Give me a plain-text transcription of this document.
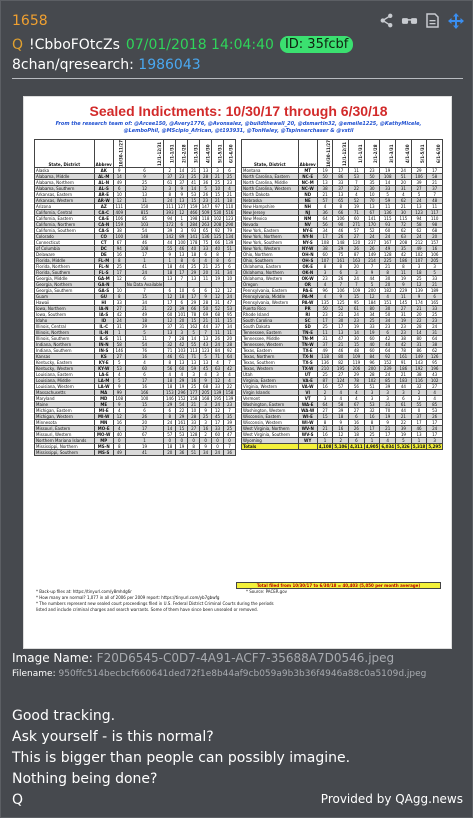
1658
Q !CbboFOtcZs 07/01/2018 14:04:40 ID: 35fcbf
8chan/qresearch: 1986043
Sealed Indictments: 10/30/17 through 6/30/18
From the research team of: @Arcee150, @Avery1776, @Avonsalez, @buildthewall_20, @dsmartin32, @emeile1225, @KathyMicele, @LemboPhil, @MScipio_African, @t193931, @TonHaley, @Tspinnerchaser & @vstil
State, District	Abbrev	10/30-11/27	12/1-12/31	1/1-1/31	2/1-2/28	3/1-3/31	4/1-4/30	5/1-5/31	6/1-6/30
Alaska	AK	9	6	2	14	21	13	3	6
Alabama, Middle	AL-M	14	9	37	23	25	28	21	25
Alabama, Northern	AL-N	49	25	61	37	41	36	25	23
Alabama, Southern	AL-S	6	12	3	9	14	5	10	4
Arkansas, Eastern	AR-E	10	13	8	9	53	26	15	21
Arkansas, Western	AR-W	12	11	24	13	15	23	21	18
Arizona	AZ	111	150	111	127	159	147	97	110
California, Central	CA-C	409	815	393	12	466	509	530	516
California, Eastern	CA-E	106	85	94	1	198	118	102	123
California, Northern	CA-N	159	103	172	6	284	263	208	290
California, Southern	CA-S	38	54	39	3	93	65	92	79
Colorado	CO	100	148	142	89	141	136	125	134
Connecticut	CT	67	46	44	100	178	75	66	139
of Columbia	DC	94	108	55	46	40	33	40	51
Delaware	DE	16	17	9	13	18	6	8	7
Florida, Middle	FL-M	8	1	1	8	6	4	8	6
Florida, Northern	FL-N	25	41	18	44	25	21	25	6
Florida, Southern	FL-S	17	24	18	17	29	20	31	34
Georgia, Middle	GA-M	12	6	13	7	13	11	19	10
Georgia, Northern	GA-N		No Data Available						
Georgia, Southern	GA-S	10	7	6	10	6	6	12	12
Guam	GU	8	15	12	18	17	9	12	24
Hawaii	HI	33	34	17	6	29	28	31	47
Iowa, Northern	IA-N	27	21	22	39	66	50	52	53
Iowa, Southern	IA-S	42	49	60	101	78	69	68	95
Idaho	ID	24	18	12	20	15	21	11	15
Illinois, Central	IL-C	31	29	37	31	162	44	37	34
Illinois, Northern	IL-N	1	5	13	3	5	7	11	11
Illinois, Southern	IL-S	11	11	7	28	14	13	26	20
Indiana, Northern	IN-N	58	54	32	42	55	43	24	28
Indiana, Southern	IN-S	146	76	71	103	113	123	84	92
Kansas	KS	27	16	46	61	71	5	71	64
Kentucky, Eastern	KY-E	5	4	8	13	13	13	4	7
Kentucky, Western	KY-W	53	60	56	60	59	45	63	42
Louisiana, Eastern	LA-E	4	6	4	4	3	4	3	4
Louisiana, Middle	LA-M	5	17	18	29	16	9	12	4
Louisiana, Western	LA-W	9	16	18	19	25	68	33	22
Massachusetts	MA	99	166	153	296	177	205	139	158
Maryland	MD	108	100	146	152	158	168	195	139
Maine	ME	9	15	29	54	21	3	24	23
Michigan, Eastern	MI-E	4	6	6	22	10	9	12	7
Michigan, Western	MI-W	12	26	8	29	28	25	45	35
Minnesota	MN	16	20	24	161	33	3	17	39
Missouri, Eastern	MO-E	4	17	14	15	27	16	33	25
Missouri, Western	MO-W	40	67	57	53	128	2	60	47
Northern Mariana Islands	MP	0	1	0	0	0	0	0	0
Mississippi, Northern	MS-N	8	19	18	19	8	9	0	7
Mississippi, Southern	MS-S	49	41	20	36	51	34	24	36
State, District	Abbrev	10/30-11/27	12/1-12/31	1/1-1/31	2/1-2/28	3/1-3/31	4/1-4/30	5/1-5/31	6/1-6/30
Montana	MT	19	17	11	23	19	24	29	17
North Carolina, Eastern	NC-E	50	86	53	50	108	51	106	58
North Carolina, Middle	NC-M	13	33	7	35	14	20	39	21
North Carolina, Western	NC-W	38	37	22	30	33	31	27	37
North Dakota	ND	21	13	4	10	5	4	5	7
Nebraska	NE	57	65	52	70	59	62	24	48
New Hampshire	NH	4	8	19	13	11	21	13	11
New Jersey	NJ	36	66	71	67	136	30	123	117
New Mexico	NM	64	106	60	141	115	115	94	110
Nevada	NV	56	90	271	170	93	72	58	98
New York, Eastern	NY-E	34	46	57	52	60	62	62	68
New York, Northern	NY-N	17	26	27	24	24	63	24	20
New York, Southern	NY-S	108	148	120	237	167	208	212	157
New York, Western	NY-W	38	29	26	26	49	35	49	16
Ohio, Northern	OH-N	60	75	87	149	128	42	102	106
Ohio, Southern	OH-S	107	161	163	214	225	186	107	205
Oklahoma, Eastern	OK-E	8	8	20	7	21	8	3	3
Oklahoma, Northern	OK-N	3	6	3	9	8	11	18	5
Oklahoma, Western	OK-W	23	26	24	44	30	19	25	33
Oregon	OR	4	7	7	5	20	9	12	21
Pennsylvania, Eastern	PA-E	96	106	109	200	182	229	139	189
Pennsylvania, Middle	PA-M	4	9	15	12	4	11	9	6
Pennsylvania, Western	PA-W	135	125	95	184	151	145	174	165
Puerto Rico	PR	50	52	61	80	30	27	21	33
Rhode Island	RI	23	21	24	34	50	31	20	25
South Carolina	SC	17	30	23	25	34	19	22	23
South Dakota	SD	25	17	19	33	23	23	28	24
Tennessee, Eastern	TN-E	11	13	14	19	6	23	14	31
Tennessee, Middle	TN-M	31	47	30	60	42	38	80	64
Tennessee, Western	TN-W	37	21	15	40	40	42	31	38
Texas, Eastern	TX-E	49	46	48	60	64	78	86	62
Texas, Northern	TX-N	118	80	109	84	92	161	149	126
Texas, Southern	TX-S	136	82	119	96	152	91	143	95
Texas, Western	TX-W	210	195	206	200	239	186	192	196
Utah	UT	25	27	29	28	24	21	38	43
Virginia, Eastern	VA-E	87	124	78	102	85	183	116	102
Virginia, Western	VA-W	16	57	56	51	39	44	32	27
Virgin Islands	VI	2	4	4	3	3	3	2	4
Vermont	VT	3	4	4	3	3	6	3	4
Washington, Eastern	WA-E	64	58	67	53	31	61	55	85
Washington, Western	WA-W	27	39	27	32	70	44	0	53
Wisconsin, Eastern	WI-E	15	18	6	16	19	21	37	26
Wisconsin, Western	WI-W	8	9	16	8	9	22	17	17
West Virginia, Northern	WV-N	21	16	26	17	21	39	46	24
West Virginia, Southern	WV-S	16	12	18	25	17	19	13	17
Wyoming	WY	1	2	6	1	4	5	1	3
Totals		4,108	5,106	4,311	4,905	6,034	5,326	5,318	5,295
Total filed from 10/30/17 to 6/30/18 = 40,403 (5,050 per month average)
* Back-up files at: https://tinyurl.com/y8mhdg6r
* How many are normal? 1,077 in all of 2006 per 2009 report: https://tinyurl.com/yb7gbwfg
* The numbers represent new sealed court proceedings filed in U.S. Federal District Criminal Courts during the periods
listed and include criminal charges and search warrants. Some of them have since been unsealed or removed.
* Source: PACER.gov
Image Name: F20D6545-C0D7-4A91-ACF7-35688A7D0546.jpeg
Filename: 950ffc514becbcf660641ded72f1e8b44af9cb059a9b3b36f4946a88c0a5109d.jpeg
Good tracking.
Ask yourself - is this normal?
This is bigger than people can possibly imagine.
Nothing being done?
Q	Provided by QAgg.news
